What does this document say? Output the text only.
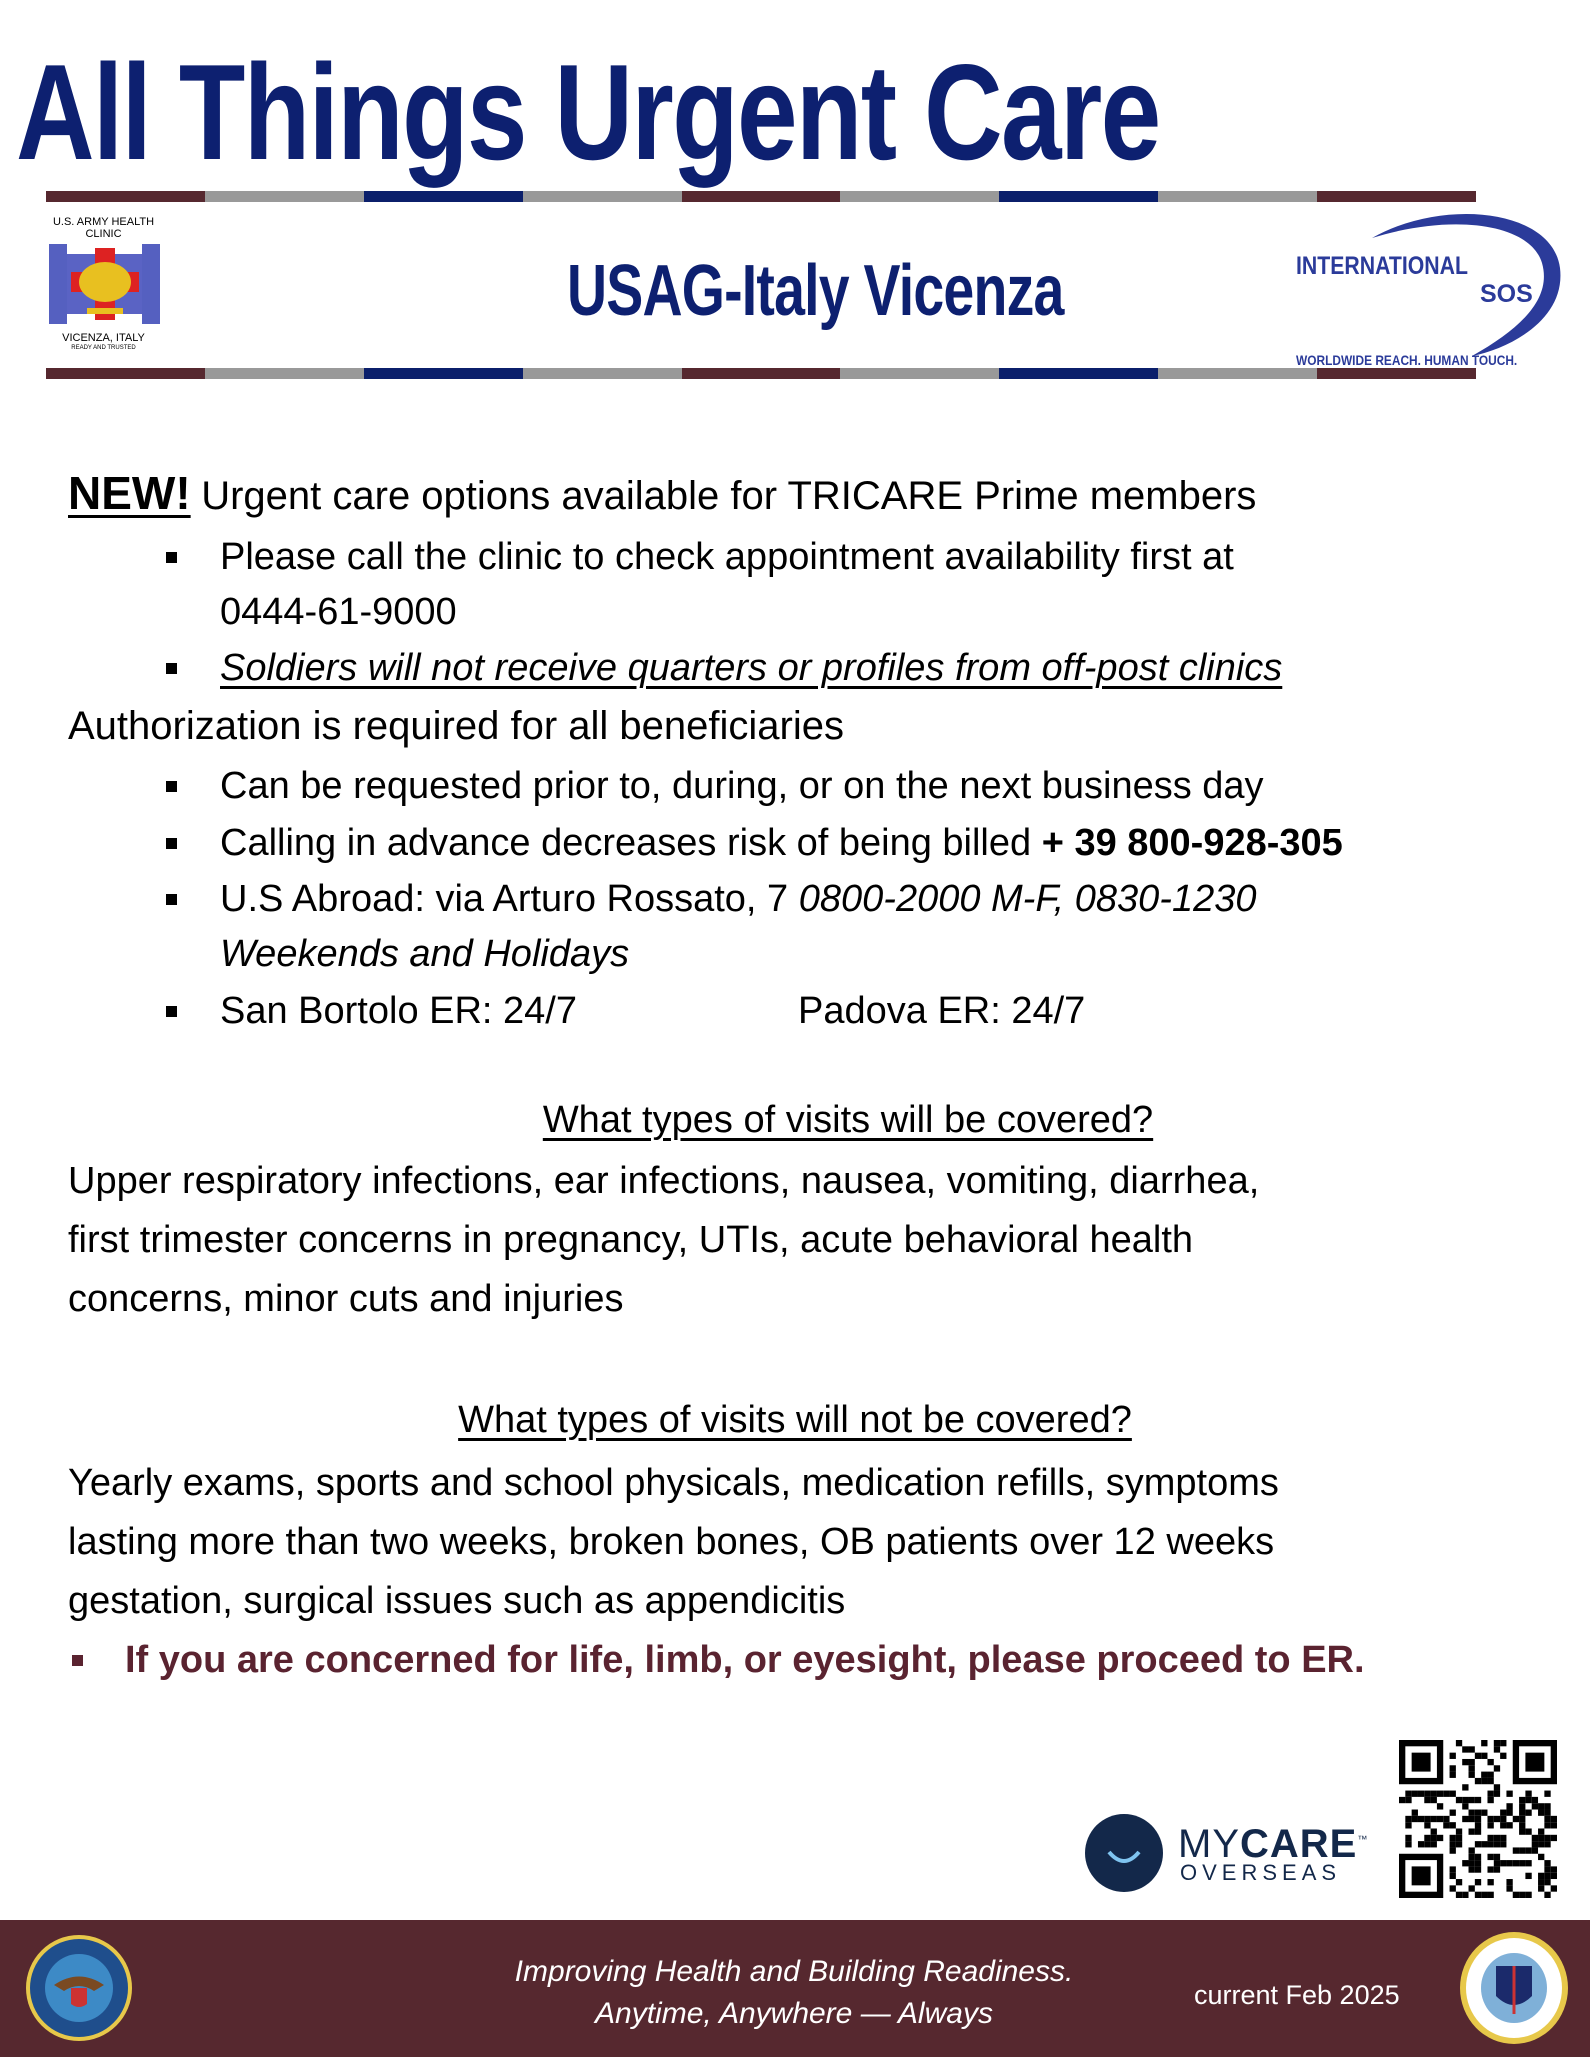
All Things Urgent Care
U.S. ARMY HEALTH CLINIC
VICENZA, ITALY
READY AND TRUSTED
USAG-Italy Vicenza	INTERNATIONAL
SOS
WORLDWIDE REACH. HUMAN TOUCH.
NEW! Urgent care options available for TRICARE Prime members
Please call the clinic to check appointment availability first at
0444-61-9000
Soldiers will not receive quarters or profiles from off-post clinics
Authorization is required for all beneficiaries
Can be requested prior to, during, or on the next business day
Calling in advance decreases risk of being billed + 39 800-928-305
U.S Abroad: via Arturo Rossato, 7 0800-2000 M-F, 0830-1230
Weekends and Holidays
San Bortolo ER: 24/7	Padova ER: 24/7
What types of visits will be covered?
Upper respiratory infections, ear infections, nausea, vomiting, diarrhea,
first trimester concerns in pregnancy, UTIs, acute behavioral health
concerns, minor cuts and injuries
What types of visits will not be covered?
Yearly exams, sports and school physicals, medication refills, symptoms
lasting more than two weeks, broken bones, OB patients over 12 weeks
gestation, surgical issues such as appendicitis
If you are concerned for life, limb, or eyesight, please proceed to ER.
MYCARE™
OVERSEAS
Improving Health and Building Readiness.
Anytime, Anywhere — Always
current Feb 2025
